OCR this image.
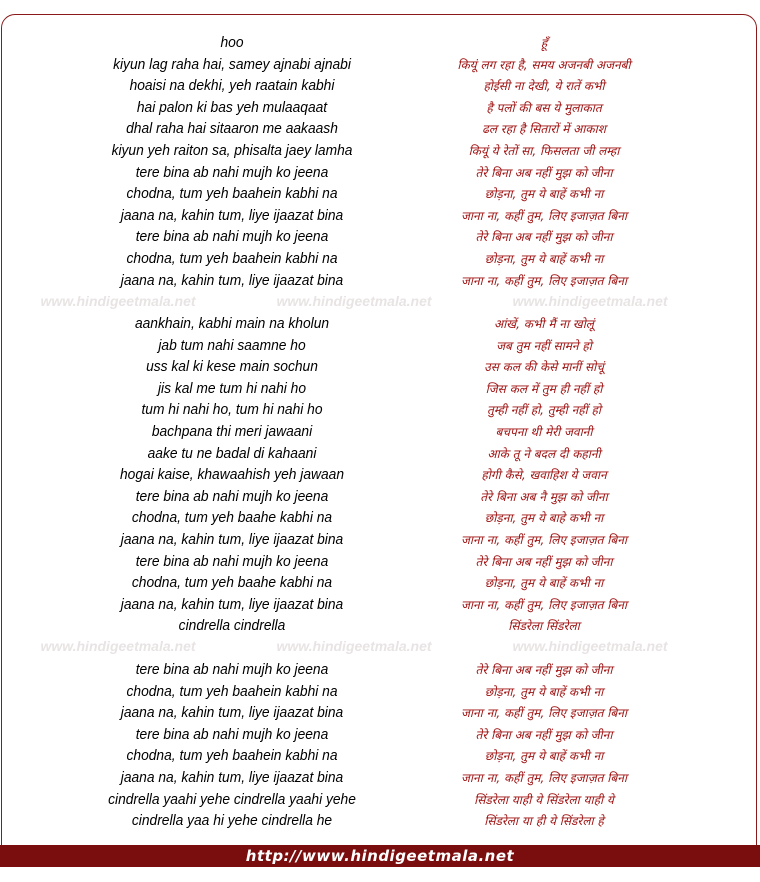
www.hindigeetmala.net	www.hindigeetmala.net	www.hindigeetmala.net
www.hindigeetmala.net	www.hindigeetmala.net	www.hindigeetmala.net
hoo	हूँ
kiyun lag raha hai, samey ajnabi ajnabi	कियूं लग रहा है, समय अजनबी अजनबी
hoaisi na dekhi, yeh raatain kabhi	होईसी ना देखी, ये रातें कभी
hai palon ki bas yeh mulaaqaat	है पलों की बस ये मुलाकात
dhal raha hai sitaaron me aakaash	ढल रहा है सितारों में आकाश
kiyun yeh raiton sa, phisalta jaey lamha	कियूं ये रेतों सा, फिसलता जी लम्हा
tere bina ab nahi mujh ko jeena	तेरे बिना अब नहीं मुझ को जीना
chodna, tum yeh baahein kabhi na	छोड़ना, तुम ये बाहें कभी ना
jaana na, kahin tum, liye ijaazat bina	जाना ना, कहीं तुम, लिए इजाज़त बिना
tere bina ab nahi mujh ko jeena	तेरे बिना अब नहीं मुझ को जीना
chodna, tum yeh baahein kabhi na	छोड़ना, तुम ये बाहें कभी ना
jaana na, kahin tum, liye ijaazat bina	जाना ना, कहीं तुम, लिए इजाज़त बिना
aankhain, kabhi main na kholun	आंखें, कभी मैं ना खोलूं
jab tum nahi saamne ho	जब तुम नहीं सामने हो
uss kal ki kese main sochun	उस कल की केसे मानीं सोचूं
jis kal me tum hi nahi ho	जिस कल में तुम ही नहीं हो
tum hi nahi ho, tum hi nahi ho	तुम्ही नहीं हो, तुम्ही नहीं हो
bachpana thi meri jawaani	बचपना थी मेरी जवानी
aake tu ne badal di kahaani	आके तू ने बदल दी कहानी
hogai kaise, khawaahish yeh jawaan	होगी कैसे, खवाहिश ये जवान
tere bina ab nahi mujh ko jeena	तेरे बिना अब नै मुझ को जीना
chodna, tum yeh baahe kabhi na	छोड़ना, तुम ये बाहे कभी ना
jaana na, kahin tum, liye ijaazat bina	जाना ना, कहीं तुम, लिए इजाज़त बिना
tere bina ab nahi mujh ko jeena	तेरे बिना अब नहीं मुझ को जीना
chodna, tum yeh baahe kabhi na	छोड़ना, तुम ये बाहें कभी ना
jaana na, kahin tum, liye ijaazat bina	जाना ना, कहीं तुम, लिए इजाज़त बिना
cindrella cindrella	सिंडरेला सिंडरेला
tere bina ab nahi mujh ko jeena	तेरे बिना अब नहीं मुझ को जीना
chodna, tum yeh baahein kabhi na	छोड़ना, तुम ये बाहें कभी ना
jaana na, kahin tum, liye ijaazat bina	जाना ना, कहीं तुम, लिए इजाज़त बिना
tere bina ab nahi mujh ko jeena	तेरे बिना अब नहीं मुझ को जीना
chodna, tum yeh baahein kabhi na	छोड़ना, तुम ये बाहें कभी ना
jaana na, kahin tum, liye ijaazat bina	जाना ना, कहीं तुम, लिए इजाज़त बिना
cindrella yaahi yehe cindrella yaahi yehe	सिंडरेला याही ये सिंडरेला याही ये
cindrella yaa hi yehe cindrella he	सिंडरेला या ही ये सिंडरेला हे
http://www.hindigeetmala.net
